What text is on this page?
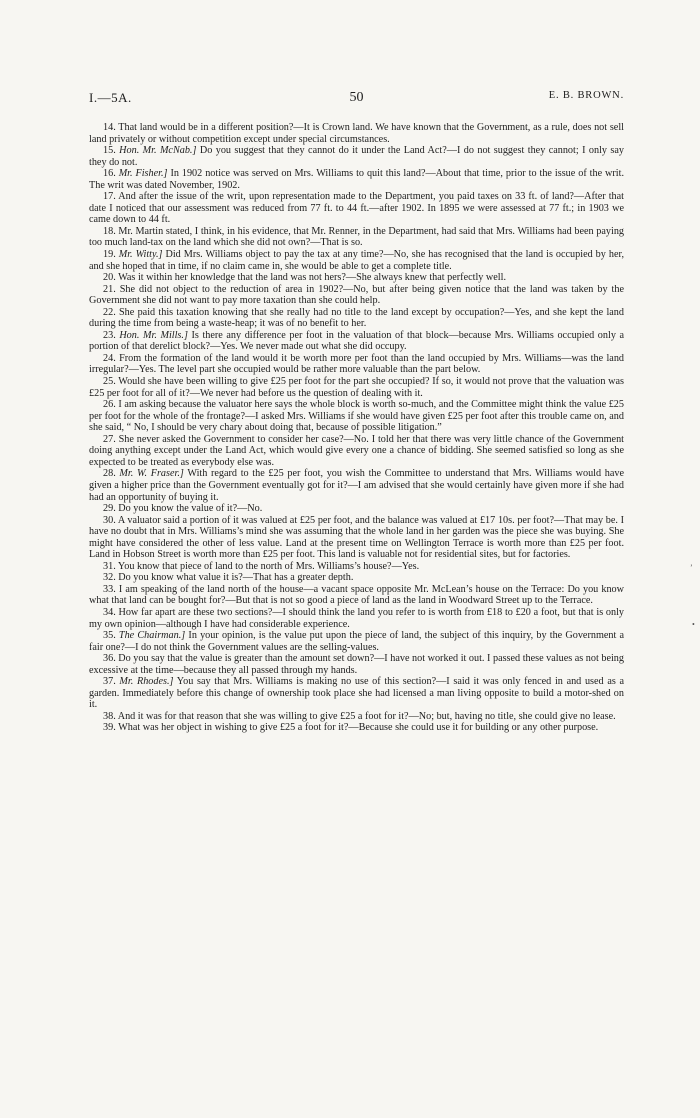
I.—5A.	50	E. B. BROWN.

14. That land would be in a different position?—It is Crown land. We have known that the Government, as a rule, does not sell land privately or without competition except under special circumstances.

15. Hon. Mr. McNab.] Do you suggest that they cannot do it under the Land Act?—I do not suggest they cannot; I only say they do not.

16. Mr. Fisher.] In 1902 notice was served on Mrs. Williams to quit this land?—About that time, prior to the issue of the writ. The writ was dated November, 1902.

17. And after the issue of the writ, upon representation made to the Department, you paid taxes on 33 ft. of land?—After that date I noticed that our assessment was reduced from 77 ft. to 44 ft.—after 1902. In 1895 we were assessed at 77 ft.; in 1903 we came down to 44 ft.

18. Mr. Martin stated, I think, in his evidence, that Mr. Renner, in the Department, had said that Mrs. Williams had been paying too much land-tax on the land which she did not own?—That is so.

19. Mr. Witty.] Did Mrs. Williams object to pay the tax at any time?—No, she has recognised that the land is occupied by her, and she hoped that in time, if no claim came in, she would be able to get a complete title.

20. Was it within her knowledge that the land was not hers?—She always knew that perfectly well.

21. She did not object to the reduction of area in 1902?—No, but after being given notice that the land was taken by the Government she did not want to pay more taxation than she could help.

22. She paid this taxation knowing that she really had no title to the land except by occupation?—Yes, and she kept the land during the time from being a waste-heap; it was of no benefit to her.

23. Hon. Mr. Mills.] Is there any difference per foot in the valuation of that block—because Mrs. Williams occupied only a portion of that derelict block?—Yes. We never made out what she did occupy.

24. From the formation of the land would it be worth more per foot than the land occupied by Mrs. Williams—was the land irregular?—Yes. The level part she occupied would be rather more valuable than the part below.

25. Would she have been willing to give £25 per foot for the part she occupied? If so, it would not prove that the valuation was £25 per foot for all of it?—We never had before us the question of dealing with it.

26. I am asking because the valuator here says the whole block is worth so-much, and the Committee might think the value £25 per foot for the whole of the frontage?—I asked Mrs. Williams if she would have given £25 per foot after this trouble came on, and she said, “ No, I should be very chary about doing that, because of possible litigation.”

27. She never asked the Government to consider her case?—No. I told her that there was very little chance of the Government doing anything except under the Land Act, which would give every one a chance of bidding. She seemed satisfied so long as she expected to be treated as everybody else was.

28. Mr. W. Fraser.] With regard to the £25 per foot, you wish the Committee to understand that Mrs. Williams would have given a higher price than the Government eventually got for it?—I am advised that she would certainly have given more if she had had an opportunity of buying it.

29. Do you know the value of it?—No.

30. A valuator said a portion of it was valued at £25 per foot, and the balance was valued at £17 10s. per foot?—That may be. I have no doubt that in Mrs. Williams’s mind she was assuming that the whole land in her garden was the piece she was buying. She might have considered the other of less value. Land at the present time on Wellington Terrace is worth more than £25 per foot. Land in Hobson Street is worth more than £25 per foot. This land is valuable not for residential sites, but for factories.

31. You know that piece of land to the north of Mrs. Williams’s house?—Yes.

32. Do you know what value it is?—That has a greater depth.

33. I am speaking of the land north of the house—a vacant space opposite Mr. McLean’s house on the Terrace: Do you know what that land can be bought for?—But that is not so good a piece of land as the land in Woodward Street up to the Terrace.

34. How far apart are these two sections?—I should think the land you refer to is worth from £18 to £20 a foot, but that is only my own opinion—although I have had considerable experience.

35. The Chairman.] In your opinion, is the value put upon the piece of land, the subject of this inquiry, by the Government a fair one?—I do not think the Government values are the selling-values.

36. Do you say that the value is greater than the amount set down?—I have not worked it out. I passed these values as not being excessive at the time—because they all passed through my hands.

37. Mr. Rhodes.] You say that Mrs. Williams is making no use of this section?—I said it was only fenced in and used as a garden. Immediately before this change of ownership took place she had licensed a man living opposite to build a motor-shed on it.

38. And it was for that reason that she was willing to give £25 a foot for it?—No; but, having no title, she could give no lease.

39. What was her object in wishing to give £25 a foot for it?—Because she could use it for building or any other purpose.

’
•
